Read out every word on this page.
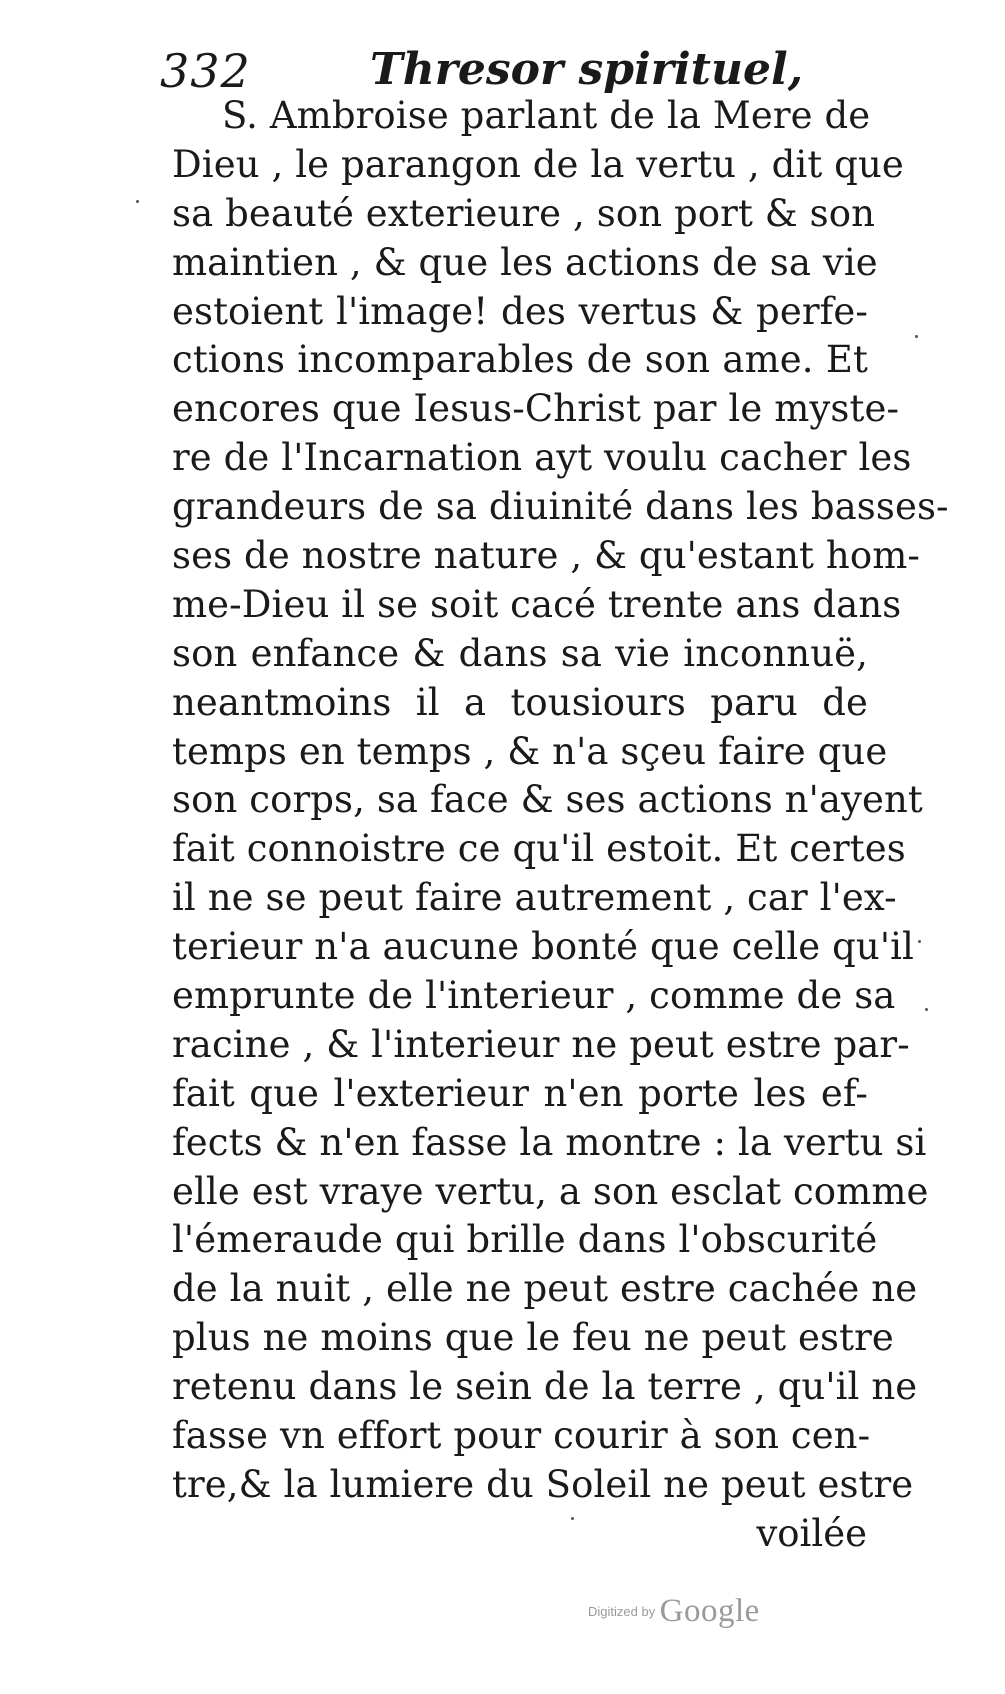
332	Thresor spirituel,
S. Ambroise parlant de la Mere de
Dieu , le parangon de la vertu , dit que
sa beauté exterieure , son port & son
maintien , & que les actions de sa vie
estoient l'image! des vertus & perfe-
ctions incomparables de son ame. Et
encores que Iesus-Christ par le myste-
re de l'Incarnation ayt voulu cacher les
grandeurs de sa diuinité dans les basses-
ses de nostre nature , & qu'estant hom-
me-Dieu il se soit cacé trente ans dans
son enfance & dans sa vie inconnuë,
neantmoins il a tousiours paru de
temps en temps , & n'a sçeu faire que
son corps, sa face & ses actions n'ayent
fait connoistre ce qu'il estoit. Et certes
il ne se peut faire autrement , car l'ex-
terieur n'a aucune bonté que celle qu'il
emprunte de l'interieur , comme de sa
racine , & l'interieur ne peut estre par-
fait que l'exterieur n'en porte les ef-
fects & n'en fasse la montre : la vertu si
elle est vraye vertu, a son esclat comme
l'émeraude qui brille dans l'obscurité
de la nuit , elle ne peut estre cachée ne
plus ne moins que le feu ne peut estre
retenu dans le sein de la terre , qu'il ne
fasse vn effort pour courir à son cen-
tre,& la lumiere du Soleil ne peut estre
voilée
Digitized by Google
